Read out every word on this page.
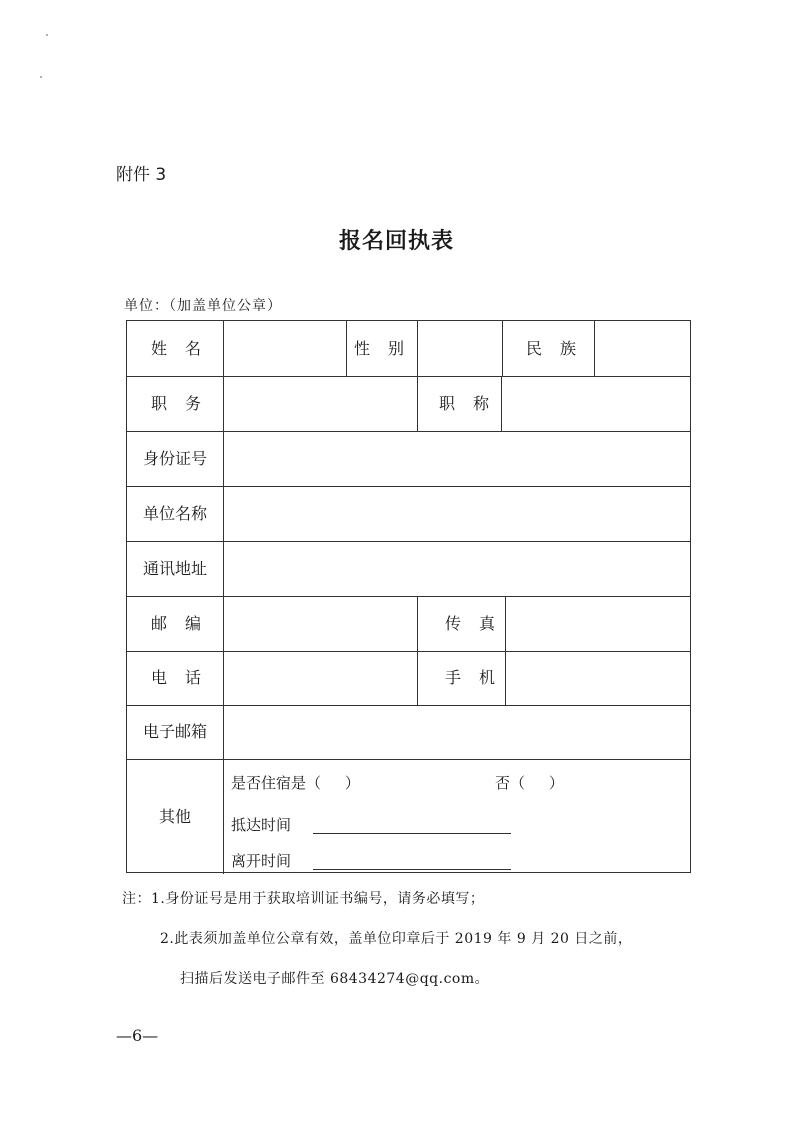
附件 3
报名回执表
单位：（加盖单位公章）
姓名	性别	民族
职务	职称
身份证号
单位名称
通讯地址
邮编	传真
电话	手机
电子邮箱
其他
是否住宿是（     ）	否（     ）
抵达时间
离开时间
注：1.身份证号是用于获取培训证书编号，请务必填写；
2.此表须加盖单位公章有效，盖单位印章后于 2019 年 9 月 20 日之前，
扫描后发送电子邮件至 68434274@qq.com。
—6—
